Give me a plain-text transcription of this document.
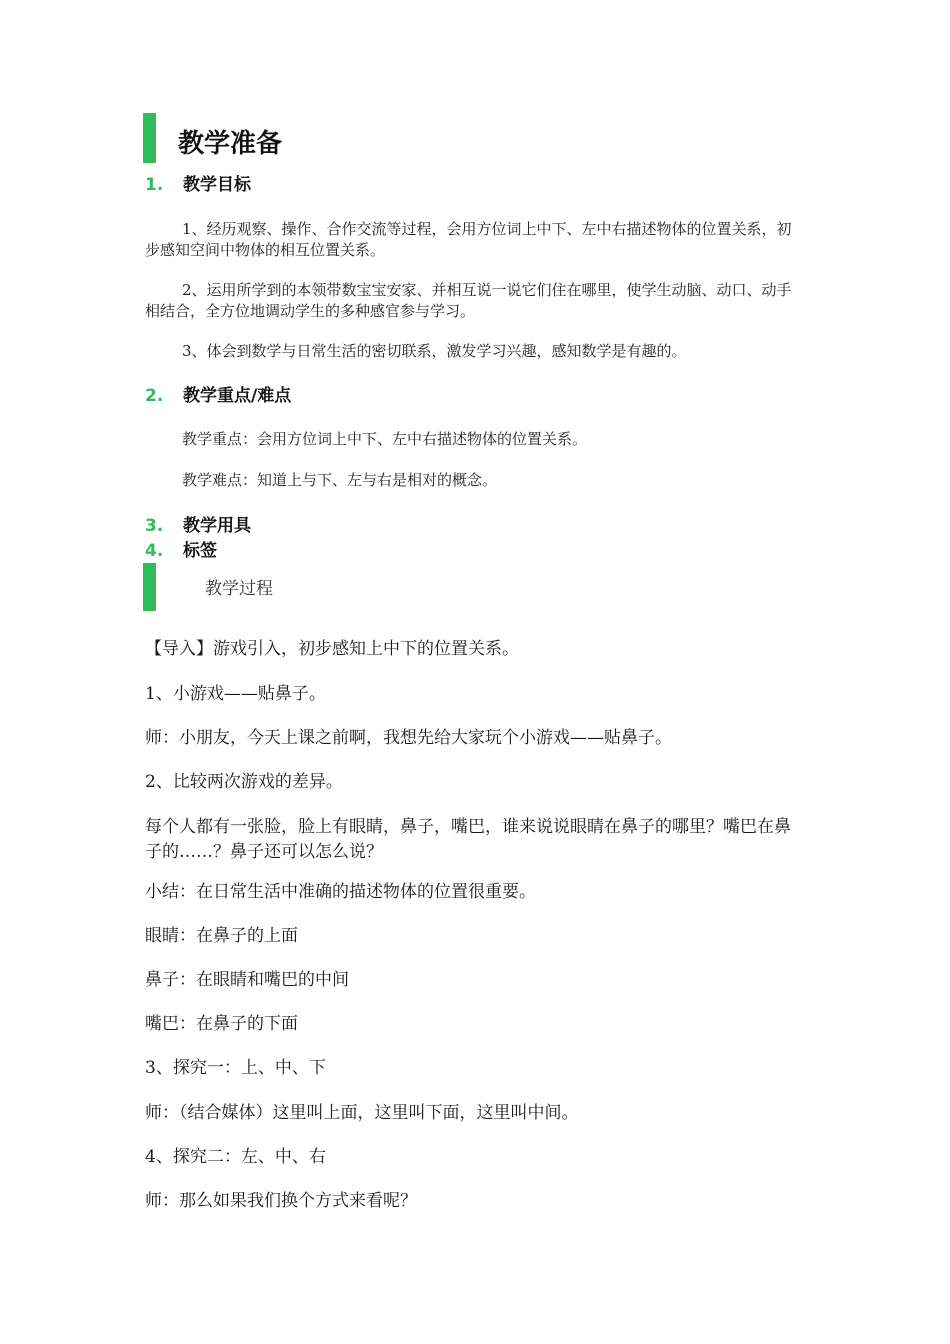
教学准备
1. 教学目标
1、经历观察、操作、合作交流等过程，会用方位词上中下、左中右描述物体的位置关系，初步感知空间中物体的相互位置关系。
2、运用所学到的本领带数宝宝安家、并相互说一说它们住在哪里，使学生动脑、动口、动手相结合，全方位地调动学生的多种感官参与学习。
3、体会到数学与日常生活的密切联系，激发学习兴趣，感知数学是有趣的。
2. 教学重点/难点
教学重点：会用方位词上中下、左中右描述物体的位置关系。
教学难点：知道上与下、左与右是相对的概念。
3. 教学用具
4. 标签
教学过程
【导入】游戏引入，初步感知上中下的位置关系。
1、小游戏——贴鼻子。
师：小朋友，今天上课之前啊，我想先给大家玩个小游戏——贴鼻子。
2、比较两次游戏的差异。
每个人都有一张脸，脸上有眼睛，鼻子，嘴巴，谁来说说眼睛在鼻子的哪里？嘴巴在鼻子的……？鼻子还可以怎么说？
小结：在日常生活中准确的描述物体的位置很重要。
眼睛：在鼻子的上面
鼻子：在眼睛和嘴巴的中间
嘴巴：在鼻子的下面
3、探究一：上、中、下
师：（结合媒体）这里叫上面，这里叫下面，这里叫中间。
4、探究二：左、中、右
师：那么如果我们换个方式来看呢？
